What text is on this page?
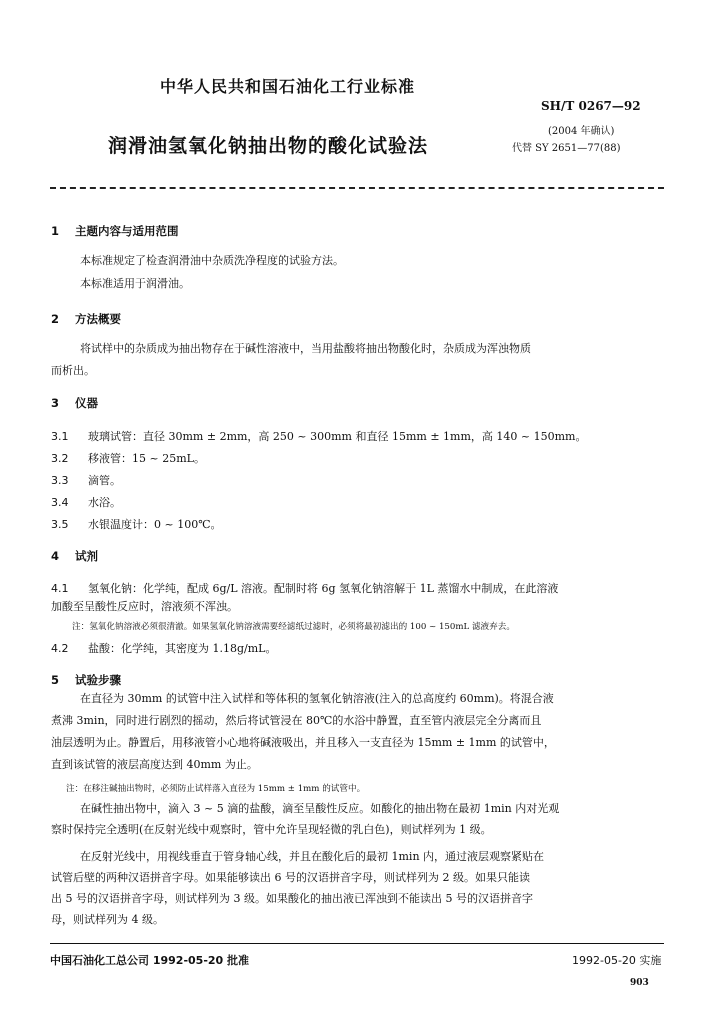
中华人民共和国石油化工行业标准
SH/T 0267—92
(2004 年确认)
润滑油氢氧化钠抽出物的酸化试验法	代替 SY 2651—77(88)
1 主题内容与适用范围
本标准规定了检查润滑油中杂质洗净程度的试验方法。
本标准适用于润滑油。
2 方法概要
将试样中的杂质成为抽出物存在于碱性溶液中，当用盐酸将抽出物酸化时，杂质成为浑浊物质
而析出。
3 仪器
3.1 玻璃试管：直径 30mm ± 2mm，高 250 ~ 300mm 和直径 15mm ± 1mm，高 140 ~ 150mm。
3.2 移液管：15 ~ 25mL。
3.3 滴管。
3.4 水浴。
3.5 水银温度计：0 ~ 100℃。
4 试剂
4.1 氢氧化钠：化学纯，配成 6g/L 溶液。配制时将 6g 氢氧化钠溶解于 1L 蒸馏水中制成，在此溶液
加酸至呈酸性反应时，溶液须不浑浊。
注：氢氧化钠溶液必须很清澈。如果氢氧化钠溶液需要经滤纸过滤时，必须将最初滤出的 100 ~ 150mL 滤液弃去。
4.2 盐酸：化学纯，其密度为 1.18g/mL。
5 试验步骤
在直径为 30mm 的试管中注入试样和等体积的氢氧化钠溶液(注入的总高度约 60mm)。将混合液
煮沸 3min，同时进行剧烈的摇动，然后将试管浸在 80℃的水浴中静置，直至管内液层完全分离而且
油层透明为止。静置后，用移液管小心地将碱液吸出，并且移入一支直径为 15mm ± 1mm 的试管中，
直到该试管的液层高度达到 40mm 为止。
注：在移注碱抽出物时，必须防止试样落入直径为 15mm ± 1mm 的试管中。
在碱性抽出物中，滴入 3 ~ 5 滴的盐酸，滴至呈酸性反应。如酸化的抽出物在最初 1min 内对光观
察时保持完全透明(在反射光线中观察时，管中允许呈现轻微的乳白色)，则试样列为 1 级。
在反射光线中，用视线垂直于管身轴心线，并且在酸化后的最初 1min 内，通过液层观察紧贴在
试管后壁的两种汉语拼音字母。如果能够读出 6 号的汉语拼音字母，则试样列为 2 级。如果只能读
出 5 号的汉语拼音字母，则试样列为 3 级。如果酸化的抽出液已浑浊到不能读出 5 号的汉语拼音字
母，则试样列为 4 级。
中国石油化工总公司 1992-05-20 批准	1992-05-20 实施
903
